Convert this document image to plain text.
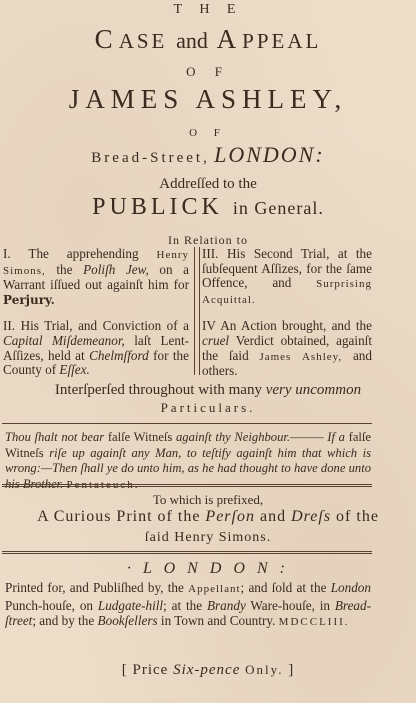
T H E
CASE and APPEAL
O F
JAMES ASHLEY,
O F
Bread-Street, LONDON:
Addreſſed to the
PUBLICK in General.
In Relation to

I. The apprehending Henry Simons, the Poliſh Jew, on a Warrant iſſued out againſt him for Perjury.

II. His Trial, and Conviction of a Capital Miſdemeanor, laſt Lent-Aſſizes, held at Chelmſford for the County of Eſſex.

III. His Second Trial, at the ſubſequent Aſſizes, for the ſame Offence, and Surprising Acquittal.

IV An Action brought, and the cruel Verdict obtained, againſt the ſaid James Ashley, and others.

Interſperſed throughout with many very uncommon
Particulars.
Thou ſhalt not bear falſe Witneſs againſt thy Neighbour.——— If a falſe Witneſs riſe up againſt any Man, to teſtify againſt him that which is wrong:—Then ſhall ye do unto him, as he had thought to have done unto his Brother. Pentateuch.
To which is prefixed,
A Curious Print of the Perſon and Dreſs of the
ſaid Henry Simons.
· L O N D O N :
Printed for, and Publiſhed by, the Appellant; and ſold at the London Punch-houſe, on Ludgate-hill; at the Brandy Ware-houſe, in Bread-ſtreet; and by the Bookſellers in Town and Country. MDCCLIII.
[ Price Six-pence Only. ]
